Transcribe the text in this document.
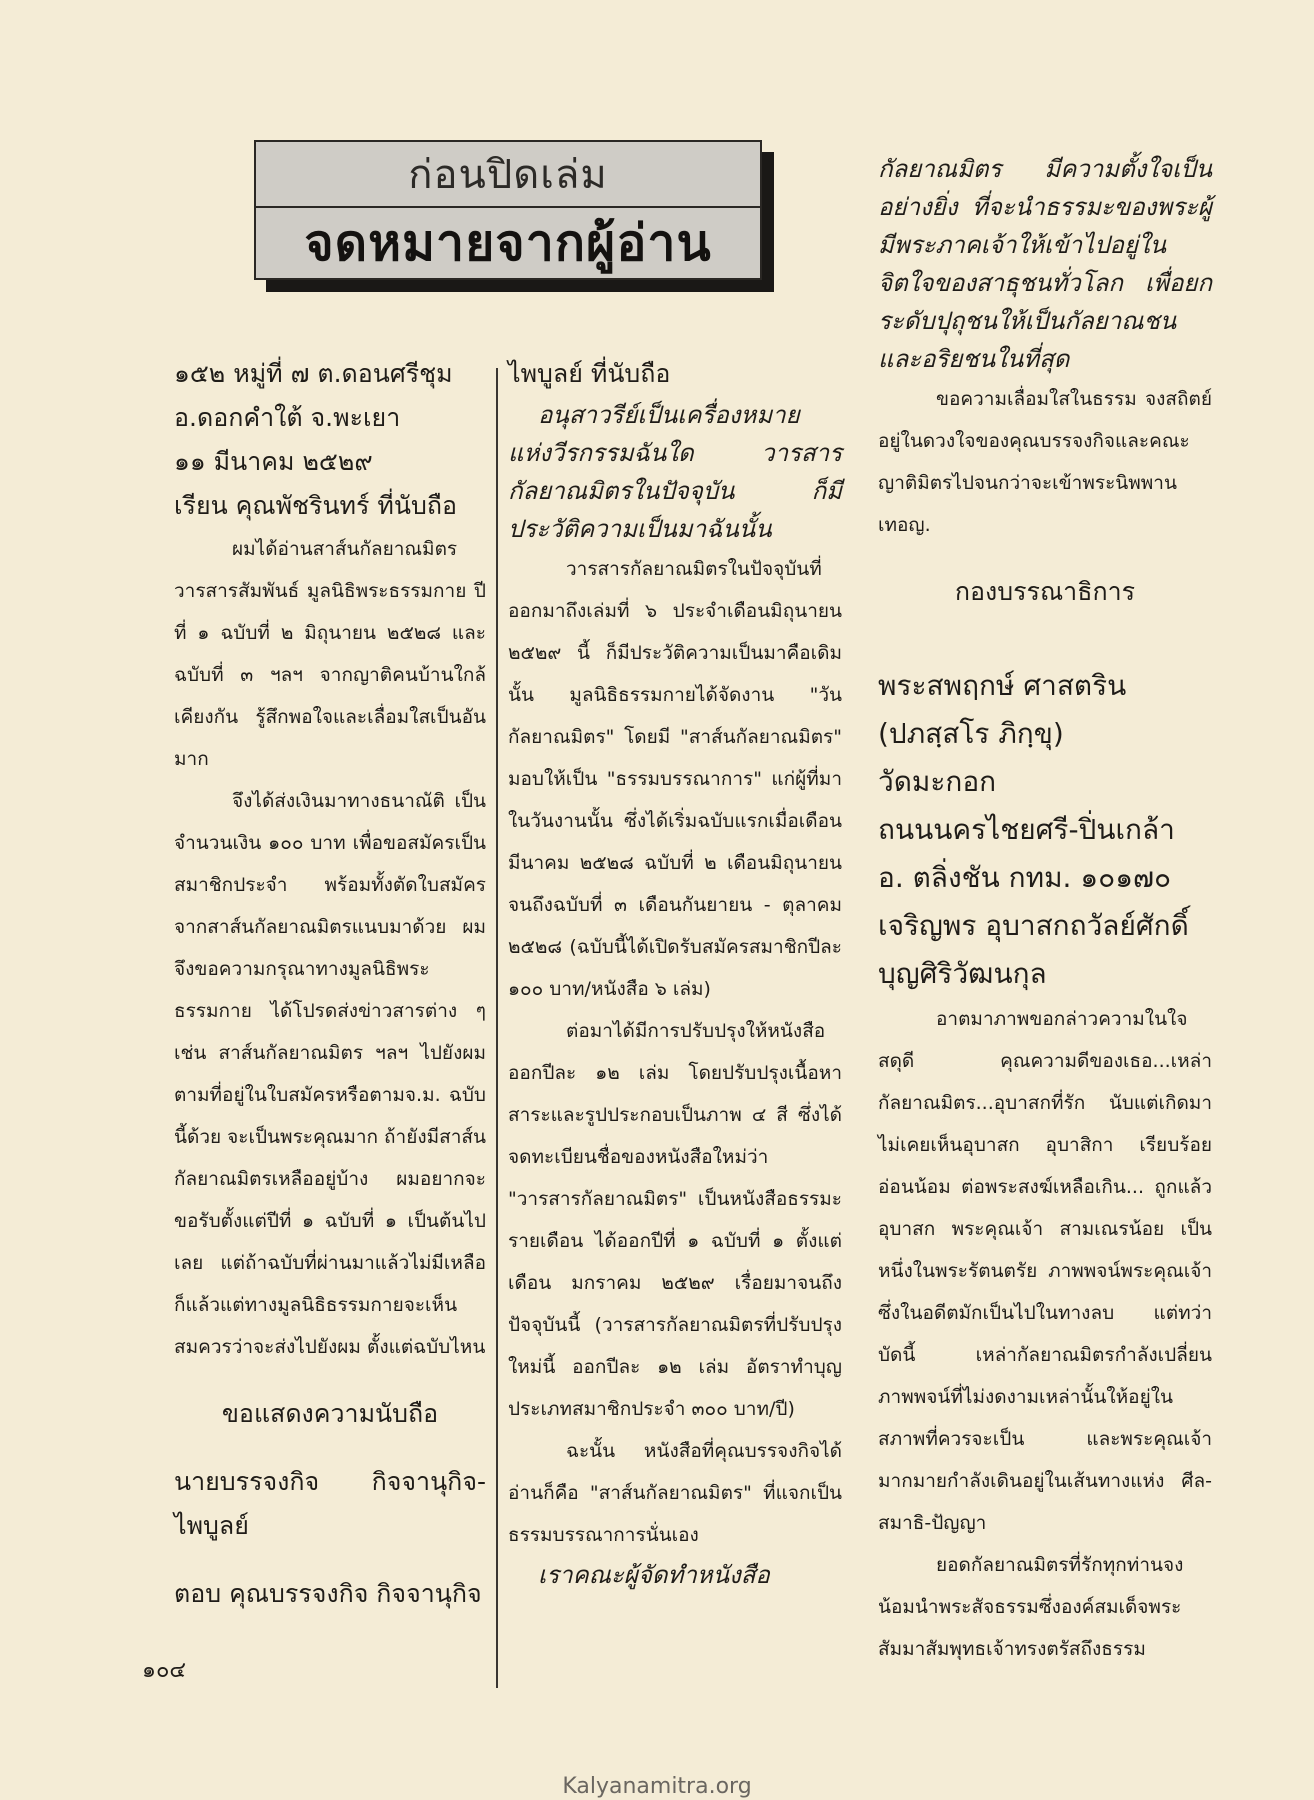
ก่อนปิดเล่ม
จดหมายจากผู้อ่าน

๑๕๒ หมู่ที่ ๗ ต.ดอนศรีชุม

อ.ดอกคำใต้ จ.พะเยา

๑๑ มีนาคม ๒๕๒๙

เรียน คุณพัชรินทร์ ที่นับถือ

ผมได้อ่านสาส์นกัลยาณมิตร วารสารสัมพันธ์ มูลนิธิพระธรรมกาย ปีที่ ๑ ฉบับที่ ๒ มิถุนายน ๒๕๒๘ และฉบับที่ ๓ ฯลฯ จากญาติคนบ้านใกล้เคียงกัน รู้สึกพอใจและเลื่อมใสเป็นอันมาก

จึงได้ส่งเงินมาทางธนาณัติ เป็นจำนวนเงิน ๑๐๐ บาท เพื่อขอสมัครเป็นสมาชิกประจำ พร้อมทั้งตัดใบสมัครจากสาส์นกัลยาณมิตรแนบมาด้วย ผมจึงขอความกรุณาทางมูลนิธิพระธรรมกาย ได้โปรดส่งข่าวสารต่าง ๆ เช่น สาส์นกัลยาณมิตร ฯลฯ ไปยังผมตามที่อยู่ในใบสมัครหรือตามจ.ม. ฉบับนี้ด้วย จะเป็นพระคุณมาก ถ้ายังมีสาส์นกัลยาณมิตรเหลืออยู่บ้าง ผมอยากจะขอรับตั้งแต่ปีที่ ๑ ฉบับที่ ๑ เป็นต้นไปเลย แต่ถ้าฉบับที่ผ่านมาแล้วไม่มีเหลือ ก็แล้วแต่ทางมูลนิธิธรรมกายจะเห็นสมควรว่าจะส่งไปยังผม ตั้งแต่ฉบับไหน

ขอแสดงความนับถือ

นายบรรจงกิจ กิจจานุกิจ-ไพบูลย์

ตอบ คุณบรรจงกิจ กิจจานุกิจ

ไพบูลย์ ที่นับถือ

อนุสาวรีย์เป็นเครื่องหมายแห่งวีรกรรมฉันใด วารสารกัลยาณมิตรในปัจจุบัน ก็มีประวัติความเป็นมาฉันนั้น

วารสารกัลยาณมิตรในปัจจุบันที่ออกมาถึงเล่มที่ ๖ ประจำเดือนมิถุนายน ๒๕๒๙ นี้ ก็มีประวัติความเป็นมาคือเดิมนั้น มูลนิธิธรรมกายได้จัดงาน "วันกัลยาณมิตร" โดยมี "สาส์นกัลยาณมิตร" มอบให้เป็น "ธรรมบรรณาการ" แก่ผู้ที่มาในวันงานนั้น ซึ่งได้เริ่มฉบับแรกเมื่อเดือนมีนาคม ๒๕๒๘ ฉบับที่ ๒ เดือนมิถุนายน จนถึงฉบับที่ ๓ เดือนกันยายน - ตุลาคม ๒๕๒๘ (ฉบับนี้ได้เปิดรับสมัครสมาชิกปีละ ๑๐๐ บาท/หนังสือ ๖ เล่ม)

ต่อมาได้มีการปรับปรุงให้หนังสือออกปีละ ๑๒ เล่ม โดยปรับปรุงเนื้อหาสาระและรูปประกอบเป็นภาพ ๔ สี ซึ่งได้จดทะเบียนชื่อของหนังสือใหม่ว่า "วารสารกัลยาณมิตร" เป็นหนังสือธรรมะรายเดือน ได้ออกปีที่ ๑ ฉบับที่ ๑ ตั้งแต่เดือน มกราคม ๒๕๒๙ เรื่อยมาจนถึงปัจจุบันนี้ (วารสารกัลยาณมิตรที่ปรับปรุงใหม่นี้ ออกปีละ ๑๒ เล่ม อัตราทำบุญประเภทสมาชิกประจำ ๓๐๐ บาท/ปี)

ฉะนั้น หนังสือที่คุณบรรจงกิจได้อ่านก็คือ "สาส์นกัลยาณมิตร" ที่แจกเป็นธรรมบรรณาการนั่นเอง

เราคณะผู้จัดทำหนังสือ

กัลยาณมิตร มีความตั้งใจเป็นอย่างยิ่ง ที่จะนำธรรมะของพระผู้มีพระภาคเจ้าให้เข้าไปอยู่ในจิตใจของสาธุชนทั่วโลก เพื่อยกระดับปุถุชนให้เป็นกัลยาณชนและอริยชนในที่สุด

ขอความเลื่อมใสในธรรม จงสถิตย์อยู่ในดวงใจของคุณบรรจงกิจและคณะญาติมิตรไปจนกว่าจะเข้าพระนิพพานเทอญ.

กองบรรณาธิการ

พระสพฤกษ์ ศาสตริน

(ปภสฺสโร ภิกฺขุ)

วัดมะกอก

ถนนนครไชยศรี-ปิ่นเกล้า

อ. ตลิ่งชัน กทม. ๑๐๑๗๐

เจริญพร อุบาสกถวัลย์ศักดิ์

บุญศิริวัฒนกุล

อาตมาภาพขอกล่าวความในใจสดุดี คุณความดีของเธอ...เหล่ากัลยาณมิตร...อุบาสกที่รัก นับแต่เกิดมา ไม่เคยเห็นอุบาสก อุบาสิกา เรียบร้อยอ่อนน้อม ต่อพระสงฆ์เหลือเกิน... ถูกแล้ว อุบาสก พระคุณเจ้า สามเณรน้อย เป็นหนึ่งในพระรัตนตรัย ภาพพจน์พระคุณเจ้าซึ่งในอดีตมักเป็นไปในทางลบ แต่ทว่าบัดนี้ เหล่ากัลยาณมิตรกำลังเปลี่ยนภาพพจน์ที่ไม่งดงามเหล่านั้นให้อยู่ในสภาพที่ควรจะเป็น และพระคุณเจ้ามากมายกำลังเดินอยู่ในเส้นทางแห่ง ศีล-สมาธิ-ปัญญา

ยอดกัลยาณมิตรที่รักทุกท่านจงน้อมนำพระสัจธรรมซึ่งองค์สมเด็จพระสัมมาสัมพุทธเจ้าทรงตรัสถึงธรรม

๑๐๔
Kalyanamitra.org
